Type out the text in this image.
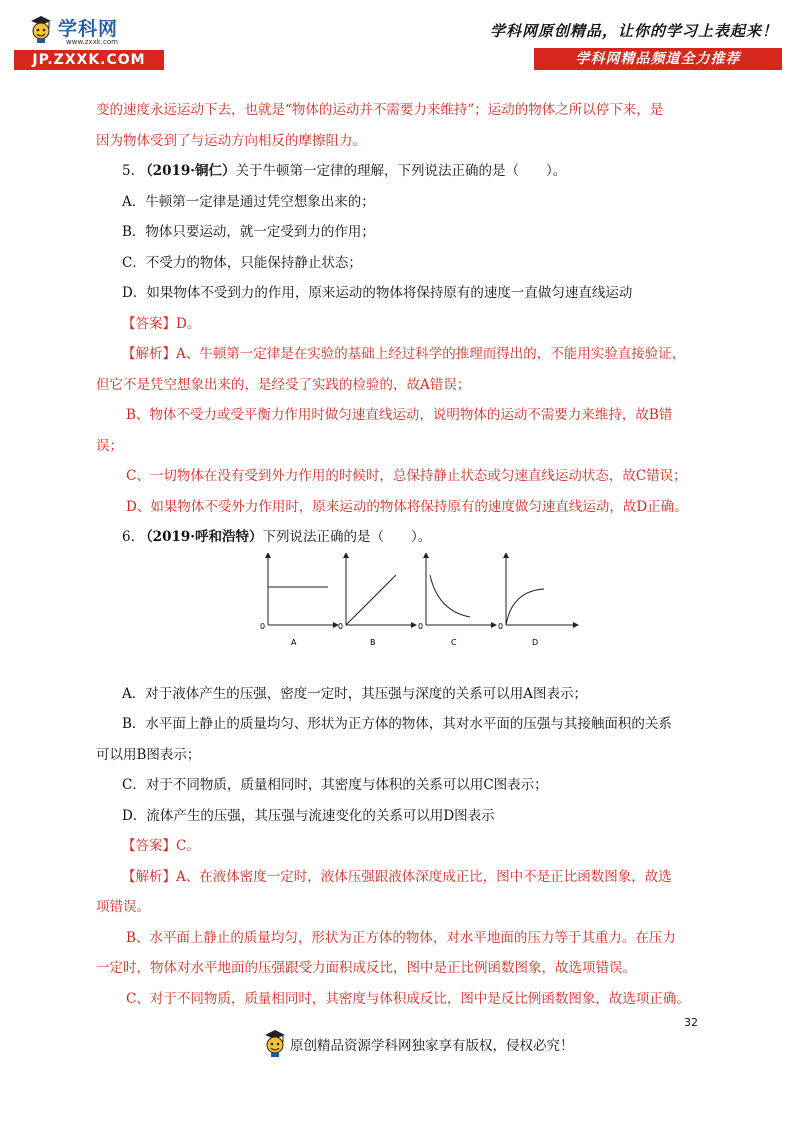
学科网
www.zxxk.com
JP.ZXXK.COM
学科网原创精品，让你的学习上表起来！
学科网精品频道全力推荐
变的速度永远运动下去，也就是“物体的运动并不需要力来维持”；运动的物体之所以停下来，是
因为物体受到了与运动方向相反的摩擦阻力。
5. （2019·铜仁）关于牛顿第一定律的理解，下列说法正确的是（　　）。
A．牛顿第一定律是通过凭空想象出来的；
B．物体只要运动，就一定受到力的作用；
C．不受力的物体，只能保持静止状态；
D．如果物体不受到力的作用，原来运动的物体将保持原有的速度一直做匀速直线运动
【答案】D。
【解析】A、牛顿第一定律是在实验的基础上经过科学的推理而得出的，不能用实验直接验证，
但它不是凭空想象出来的，是经受了实践的检验的，故A错误；
B、物体不受力或受平衡力作用时做匀速直线运动，说明物体的运动不需要力来维持，故B错
误；
C、一切物体在没有受到外力作用的时候时，总保持静止状态或匀速直线运动状态，故C错误；
D、如果物体不受外力作用时，原来运动的物体将保持原有的速度做匀速直线运动，故D正确。
6. （2019·呼和浩特）下列说法正确的是（　　）。
0
A
0
B
0
C
0
D
A．对于液体产生的压强，密度一定时，其压强与深度的关系可以用A图表示；
B．水平面上静止的质量均匀、形状为正方体的物体，其对水平面的压强与其接触面积的关系
可以用B图表示；
C．对于不同物质，质量相同时，其密度与体积的关系可以用C图表示；
D．流体产生的压强，其压强与流速变化的关系可以用D图表示
【答案】C。
【解析】A、在液体密度一定时，液体压强跟液体深度成正比，图中不是正比函数图象，故选
项错误。
B、水平面上静止的质量均匀，形状为正方体的物体，对水平地面的压力等于其重力。在压力
一定时，物体对水平地面的压强跟受力面积成反比，图中是正比例函数图象，故选项错误。
C、对于不同物质，质量相同时，其密度与体积成反比，图中是反比例函数图象，故选项正确。
32
原创精品资源学科网独家享有版权，侵权必究！
